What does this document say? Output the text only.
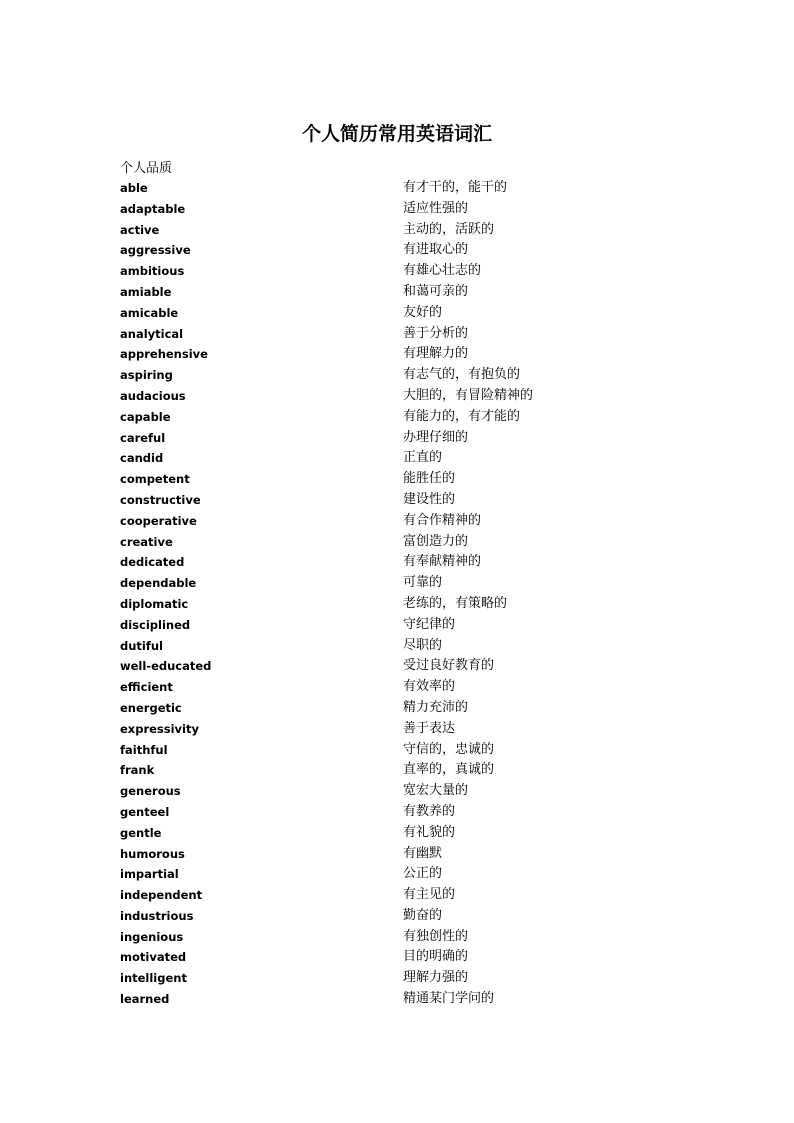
个人简历常用英语词汇
个人品质
able	有才干的，能干的
adaptable	适应性强的
active	主动的，活跃的
aggressive	有进取心的
ambitious	有雄心壮志的
amiable	和蔼可亲的
amicable	友好的
analytical	善于分析的
apprehensive	有理解力的
aspiring	有志气的，有抱负的
audacious	大胆的，有冒险精神的
capable	有能力的，有才能的
careful	办理仔细的
candid	正直的
competent	能胜任的
constructive	建设性的
cooperative	有合作精神的
creative	富创造力的
dedicated	有奉献精神的
dependable	可靠的
diplomatic	老练的，有策略的
disciplined	守纪律的
dutiful	尽职的
well-educated	受过良好教育的
efficient	有效率的
energetic	精力充沛的
expressivity	善于表达
faithful	守信的，忠诚的
frank	直率的，真诚的
generous	宽宏大量的
genteel	有教养的
gentle	有礼貌的
humorous	有幽默
impartial	公正的
independent	有主见的
industrious	勤奋的
ingenious	有独创性的
motivated	目的明确的
intelligent	理解力强的
learned	精通某门学问的
